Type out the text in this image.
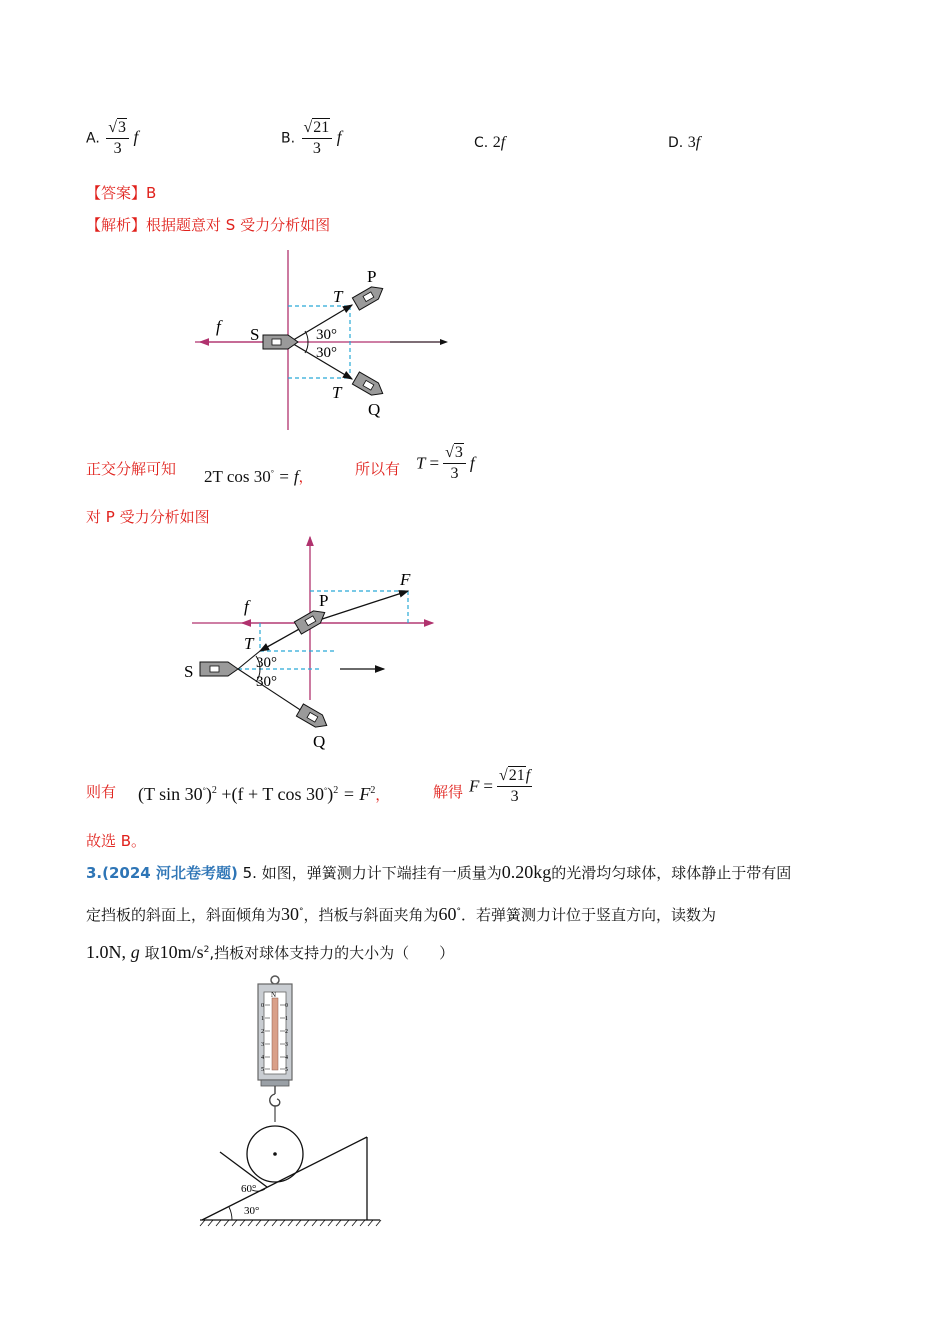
A. $\frac{√3}{3}$ f	B. $\frac{√21}{3}$ f	C. 2f	D. 3f
【答案】B
【解析】根据题意对 S 受力分析如图
S
P
Q
T
T
f	30°
30°
正交分解可知 2T cos 30° = f，
所以有 $T = \frac{√3}{3}$ f
对 P 受力分析如图
S
P
Q
T
f
F
30°
30°
则有 (T sin 30°)$^2$ +(f + T $\cos 30^\circ)^2 = F^2$，	解得 $F = \frac{√21f}{3}$
故选 B。
3.(2024 河北卷考题) 5. 如图，弹簧测力计下端挂有一质量为0.20kg的光滑均匀球体，球体静止于带有固
定挡板的斜面上，斜面倾角为30°，挡板与斜面夹角为60°．若弹簧测力计位于竖直方向，读数为
1.0N, g 取$10m/s^2$,挡板对球体支持力的大小为（　　）
N
0
1
2
3
4
5
0
1
2
3
4
5
60°
30°
